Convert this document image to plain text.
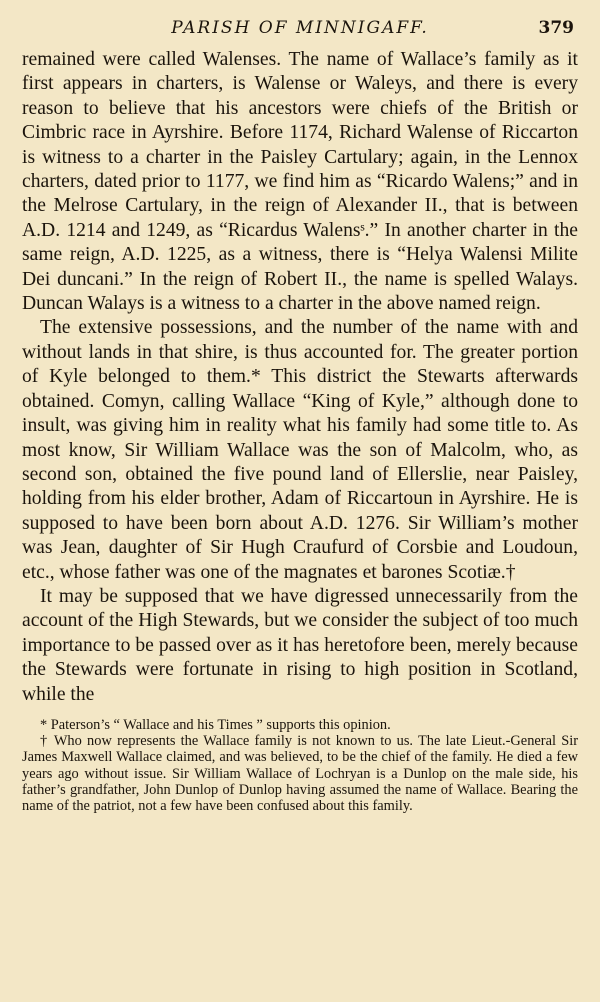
PARISH OF MINNIGAFF.	379

remained were called Walenses. The name of Wallace’s family as it first appears in charters, is Walense or Waleys, and there is every reason to believe that his ancestors were chiefs of the British or Cimbric race in Ayrshire. Before 1174, Richard Walense of Riccarton is witness to a charter in the Paisley Cartulary; again, in the Lennox charters, dated prior to 1177, we find him as “Ricardo Walens;” and in the Melrose Cartulary, in the reign of Alexander II., that is between A.D. 1214 and 1249, as “Ricardus Walensˢ.” In another charter in the same reign, A.D. 1225, as a witness, there is “Helya Walensi Milite Dei duncani.” In the reign of Robert II., the name is spelled Walays. Duncan Walays is a witness to a charter in the above named reign.

The extensive possessions, and the number of the name with and without lands in that shire, is thus accounted for. The greater portion of Kyle belonged to them.* This district the Stewarts afterwards obtained. Comyn, calling Wallace “King of Kyle,” although done to insult, was giving him in reality what his family had some title to. As most know, Sir William Wallace was the son of Malcolm, who, as second son, obtained the five pound land of Ellerslie, near Paisley, holding from his elder brother, Adam of Riccartoun in Ayrshire. He is supposed to have been born about A.D. 1276. Sir William’s mother was Jean, daughter of Sir Hugh Craufurd of Corsbie and Loudoun, etc., whose father was one of the magnates et barones Scotiæ.†

It may be supposed that we have digressed unnecessarily from the account of the High Stewards, but we consider the subject of too much importance to be passed over as it has heretofore been, merely because the Stewards were fortunate in rising to high position in Scotland, while the

* Paterson’s “ Wallace and his Times ” supports this opinion.

† Who now represents the Wallace family is not known to us. The late Lieut.-General Sir James Maxwell Wallace claimed, and was believed, to be the chief of the family. He died a few years ago without issue. Sir William Wallace of Lochryan is a Dunlop on the male side, his father’s grandfather, John Dunlop of Dunlop having assumed the name of Wallace. Bearing the name of the patriot, not a few have been confused about this family.
